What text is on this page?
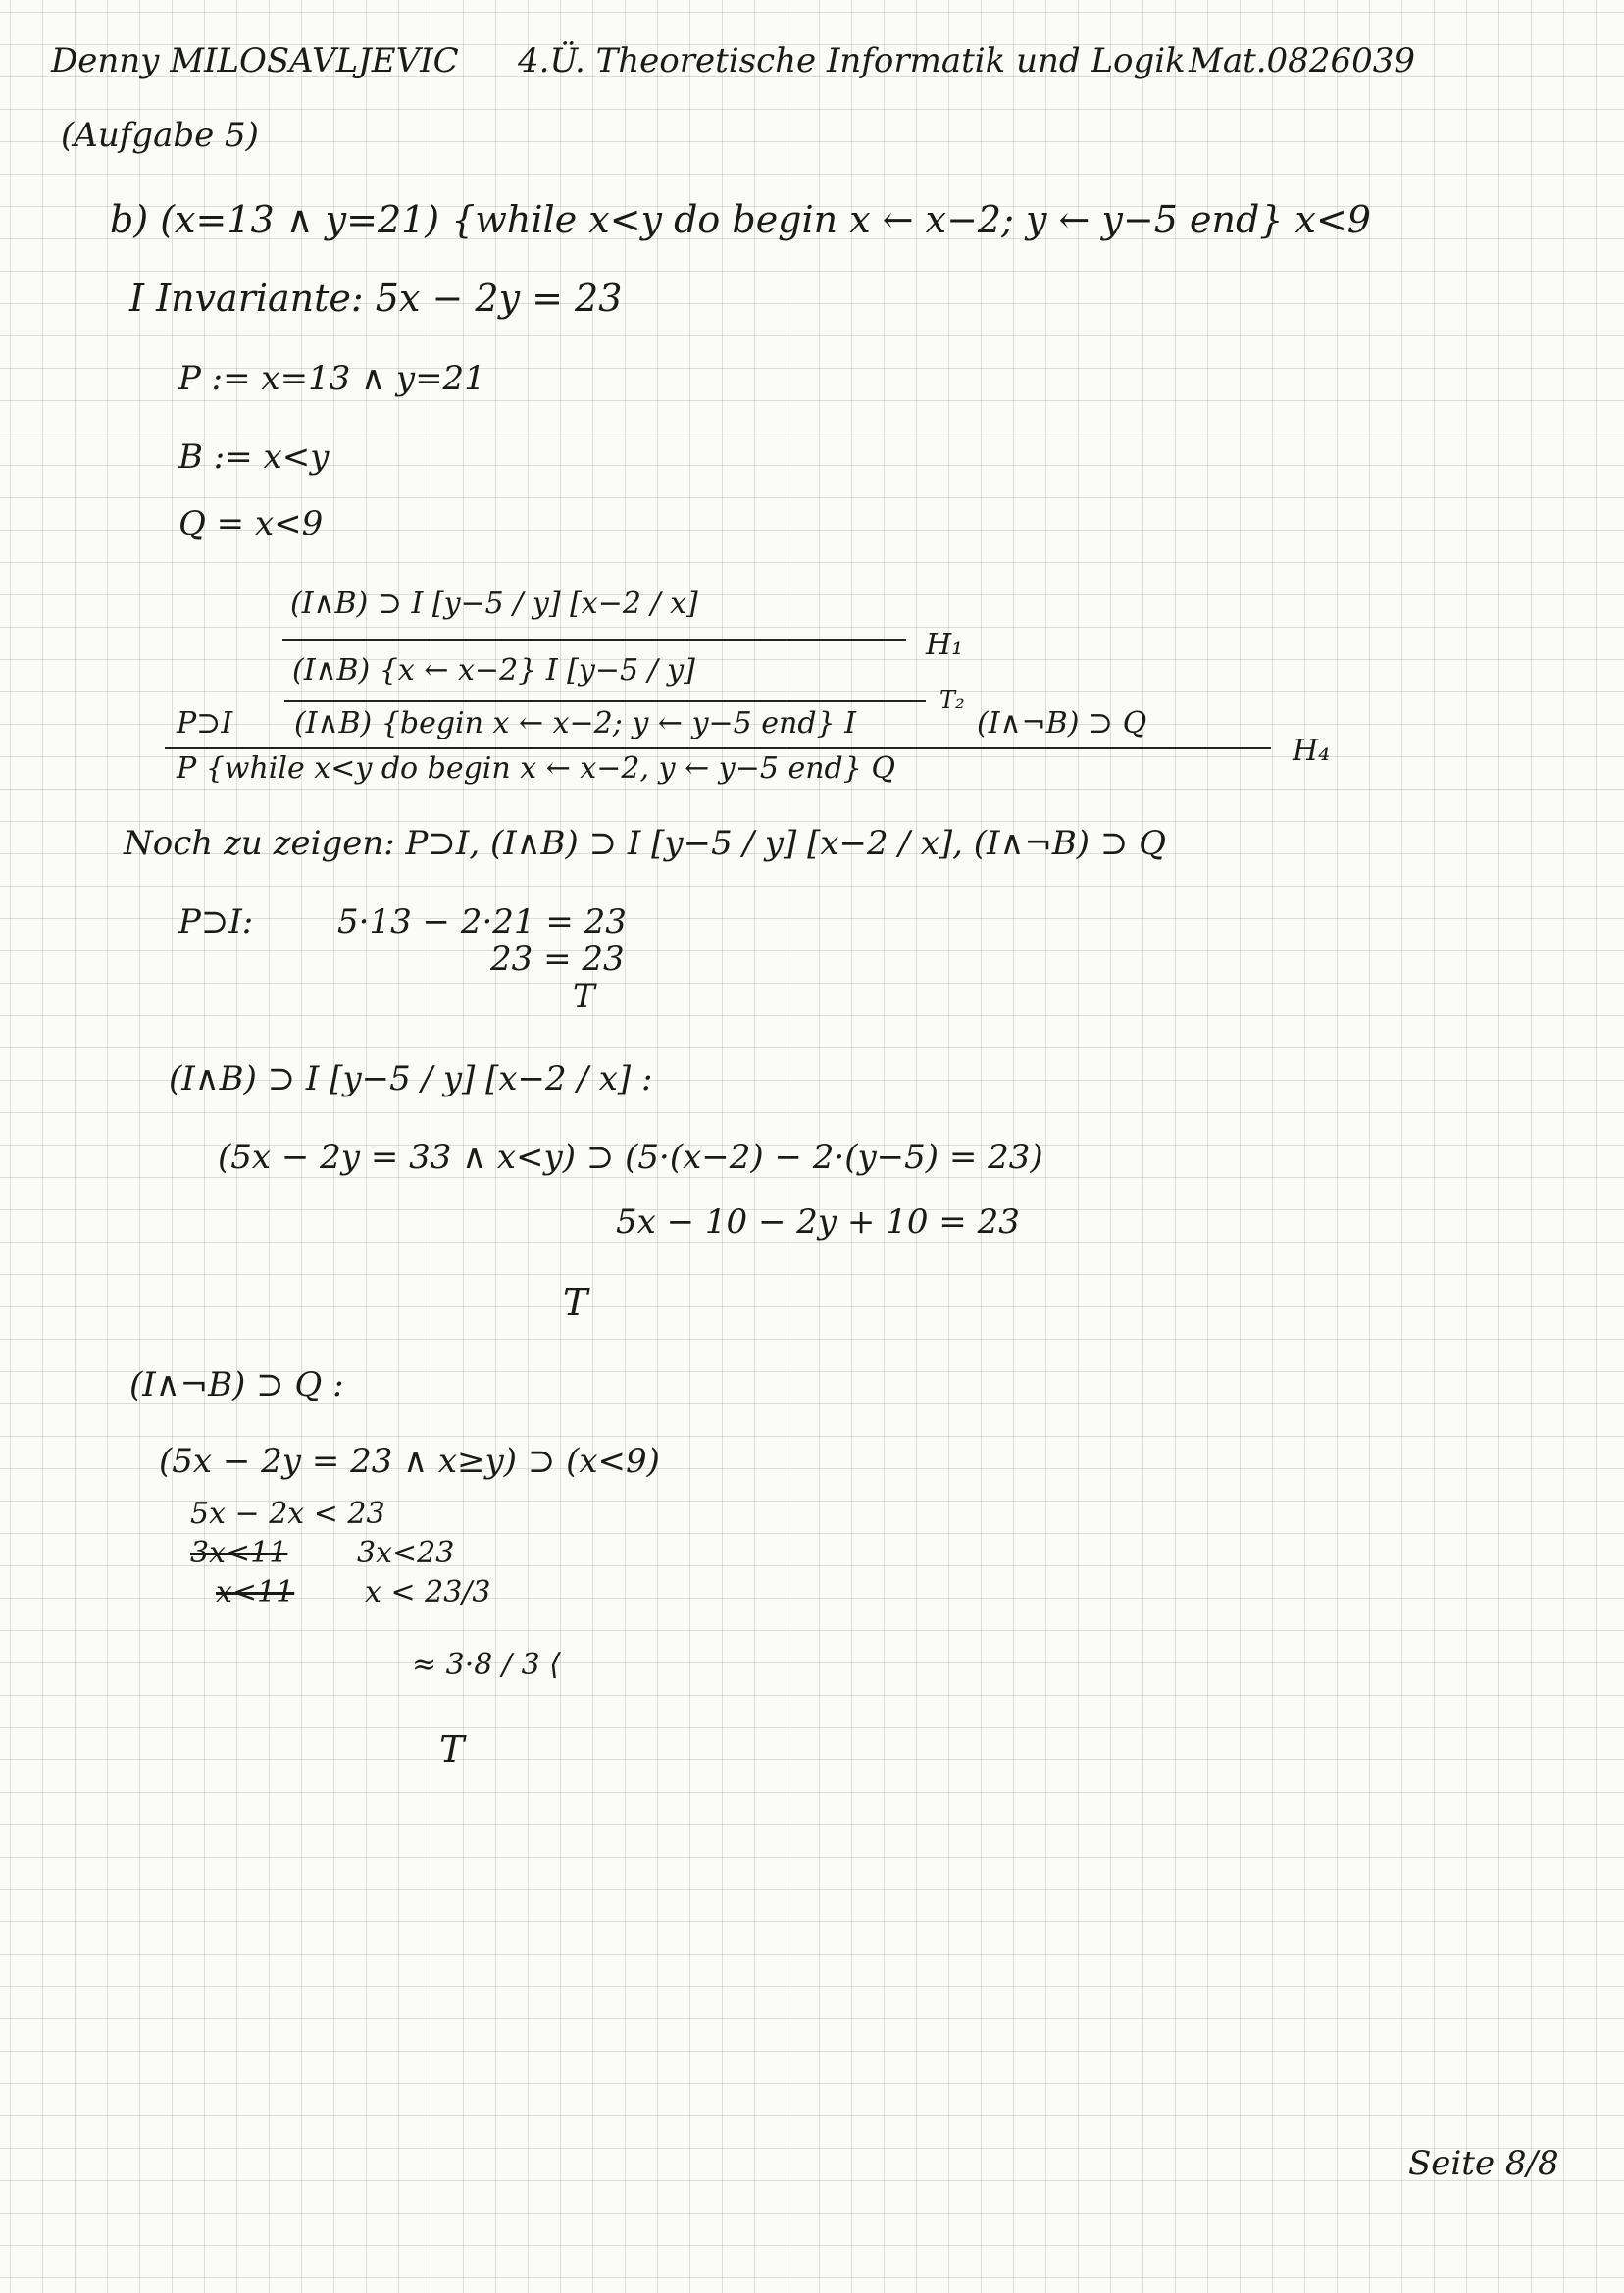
Denny MILOSAVLJEVIC 4.Ü. Theoretische Informatik und Logik Mat.0826039
(Aufgabe 5)
b) (x=13 ∧ y=21) {while x<y do begin x ← x−2; y ← y−5 end} x<9
I Invariante: 5x − 2y = 23
P := x=13 ∧ y=21
B := x<y
Q = x<9
(I∧B) ⊃ I [y−5 / y] [x−2 / x]
H₁
(I∧B) {x ← x−2} I [y−5 / y]
T₂
P⊃I (I∧B) {begin x ← x−2; y ← y−5 end} I	(I∧¬B) ⊃ Q
H₄
P {while x<y do begin x ← x−2, y ← y−5 end} Q
Noch zu zeigen: P⊃I, (I∧B) ⊃ I [y−5 / y] [x−2 / x], (I∧¬B) ⊃ Q
P⊃I:	5·13 − 2·21 = 23
23 = 23
T
(I∧B) ⊃ I [y−5 / y] [x−2 / x] :
(5x − 2y = 33 ∧ x<y) ⊃ (5·(x−2) − 2·(y−5) = 23)
5x − 10 − 2y + 10 = 23
T
(I∧¬B) ⊃ Q :
(5x − 2y = 23 ∧ x≥y) ⊃ (x<9)
5x − 2x < 23
3x<11 3x<23
x<11 x < 23/3
≈ 3·8 / 3 ⟨
T
Seite 8/8
